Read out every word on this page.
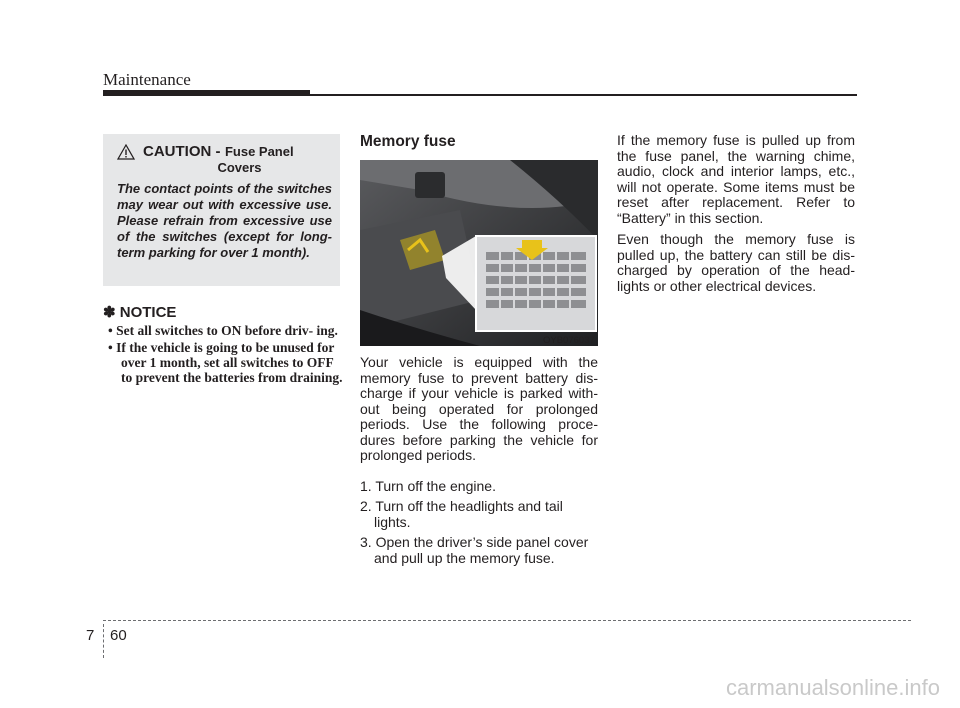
Maintenance
CAUTION - Fuse Panel
Covers
The contact points of the switches may wear out with excessive use. Please refrain from excessive use of the switches (except for long-term parking for over 1 month).
✽ NOTICE
• Set all switches to ON before driv- ing.
• If the vehicle is going to be unused for over 1 month, set all switches to OFF to prevent the batteries from draining.
Memory fuse
OYB076037

Your vehicle is equipped with the memory fuse to prevent battery dis- charge if your vehicle is parked with- out being operated for prolonged periods. Use the following proce- dures before parking the vehicle for prolonged periods.

1. Turn off the engine.
2. Turn off the headlights and tail lights.
3. Open the driver’s side panel cover and pull up the memory fuse.

If the memory fuse is pulled up from the fuse panel, the warning chime, audio, clock and interior lamps, etc., will not operate. Some items must be reset after replacement. Refer to “Battery” in this section.

Even though the memory fuse is pulled up, the battery can still be dis- charged by operation of the head- lights or other electrical devices.

7 60
carmanualsonline.info
